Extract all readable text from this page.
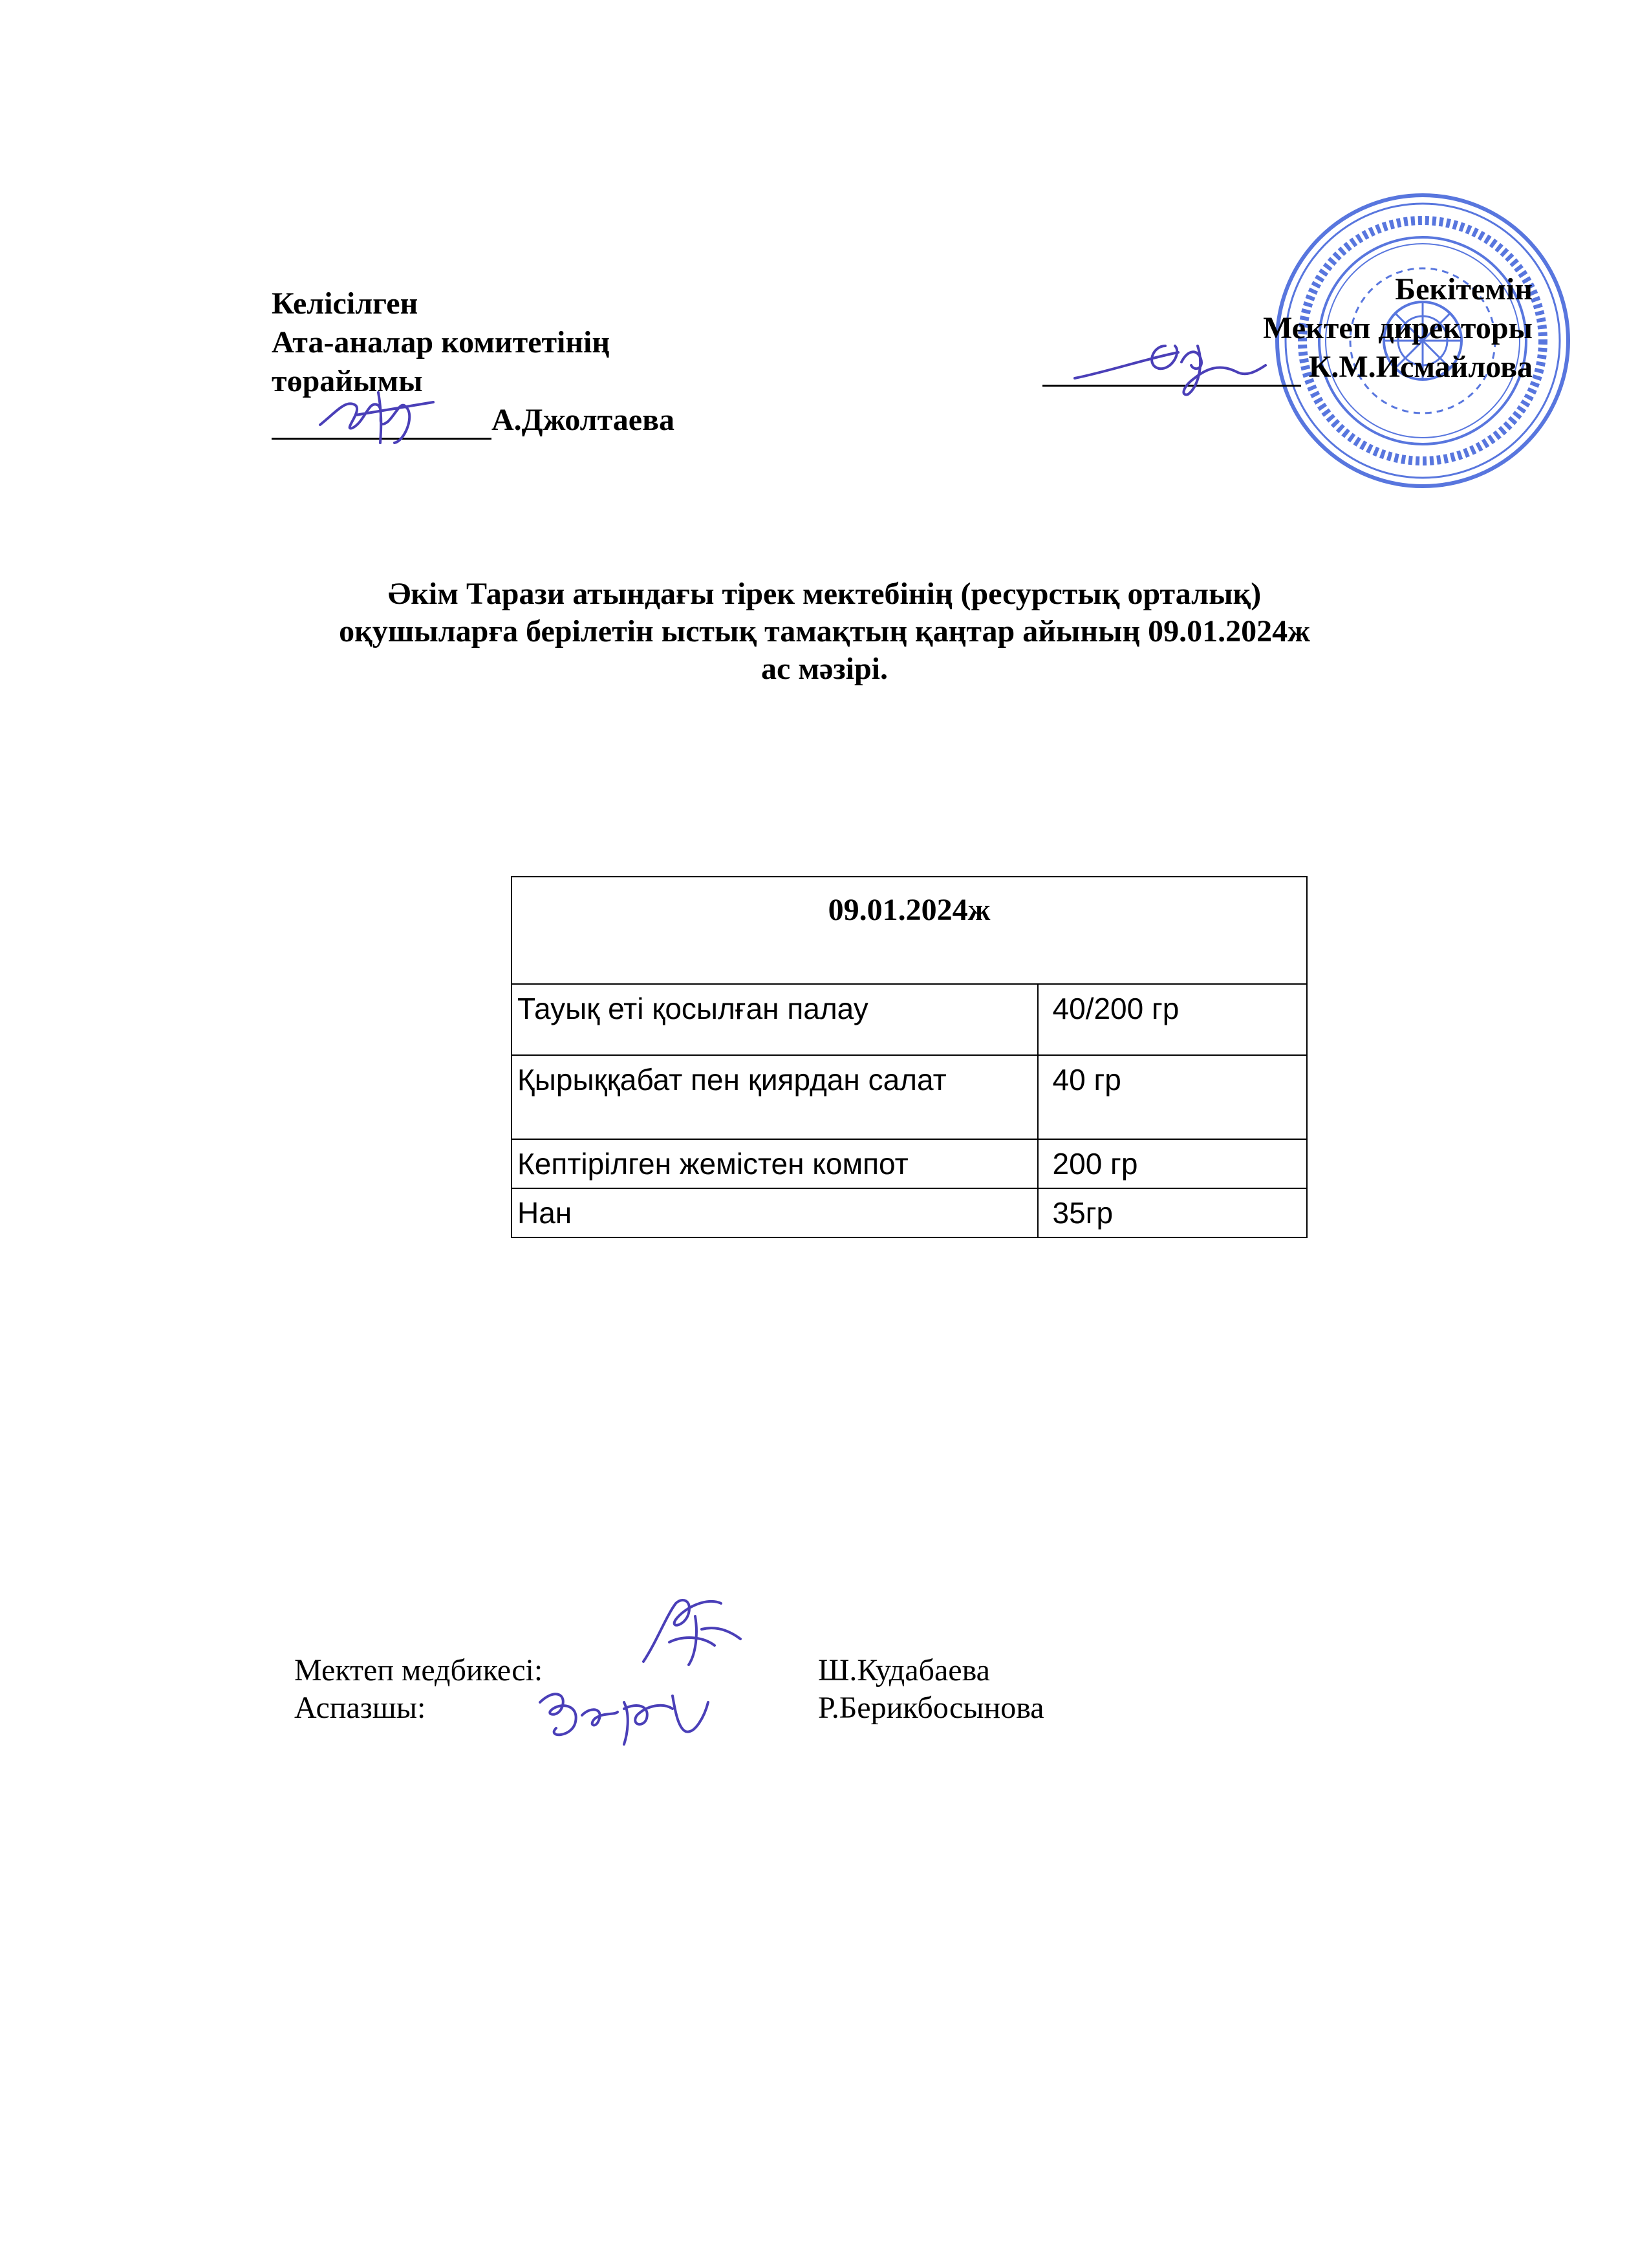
Келісілген
Ата-аналар комитетінің
төрайымы
А.Джолтаева
Бекітемін
Мектеп директоры
К.М.Исмайлова
Әкім Тарази атындағы тірек мектебінің (ресурстық орталық)
оқушыларға берілетін ыстық тамақтың қаңтар айының 09.01.2024ж
ас мәзірі.
09.01.2024ж	
Тауық еті қосылған палау	40/200 гр
Қырыққабат пен қиярдан салат	40 гр
Кептірілген жемістен компот	200 гр
Нан	35гр
Мектеп медбикесі:	Ш.Кудабаева
Аспазшы:	Р.Берикбосынова
